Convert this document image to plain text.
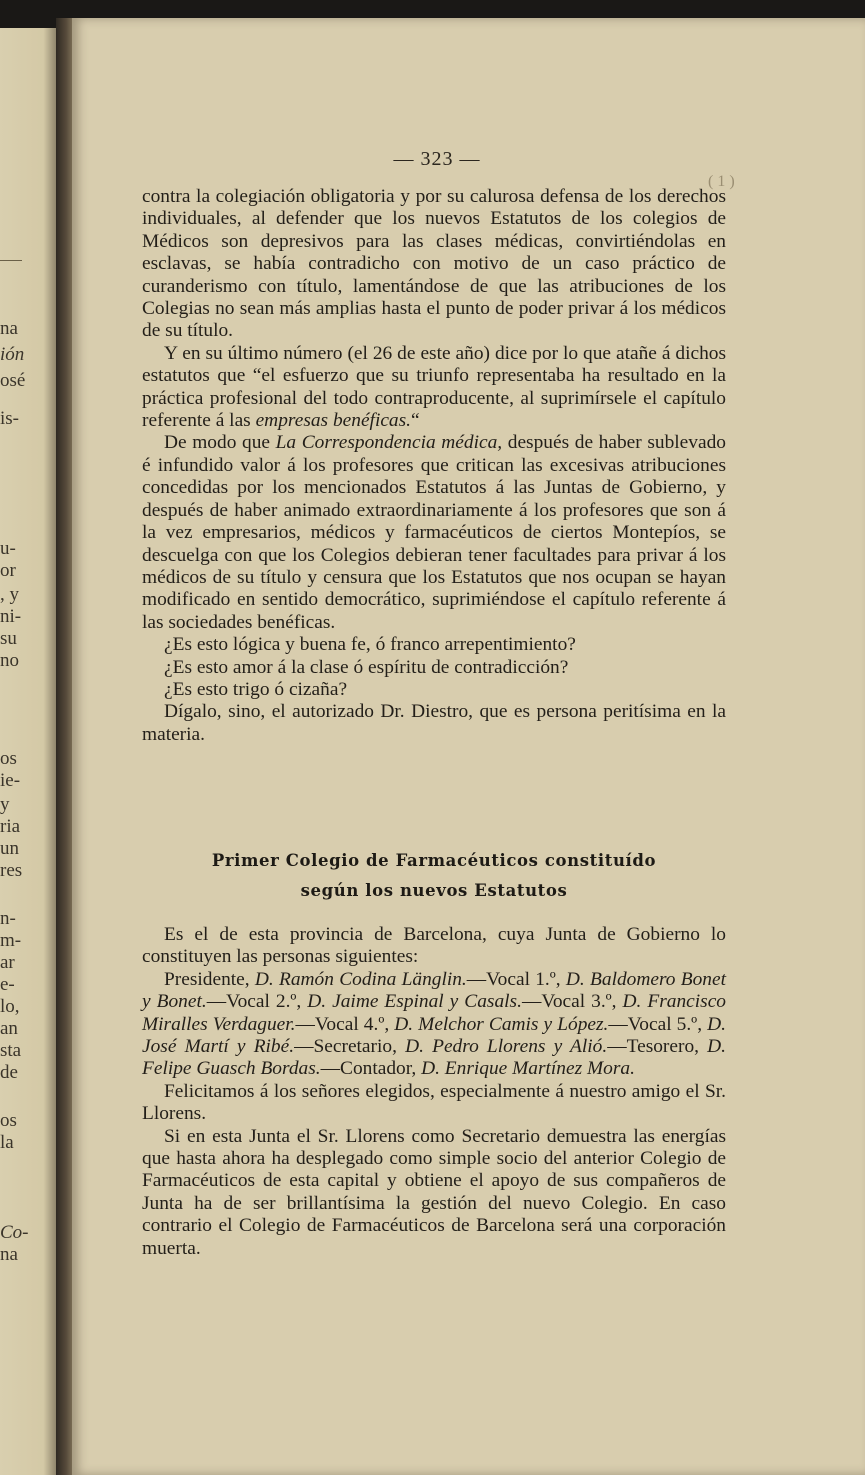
na
ión
osé
is-
u-
or
, y
ni-
su
no
os
ie-
y
ria
un
res
n-
m-
ar
e-
lo,
an
sta
de
os
la
Co-
na
( 1 )
— 323 —

contra la colegiación obligatoria y por su calurosa defensa de los derechos individuales, al defender que los nuevos Estatutos de los colegios de Médicos son depresivos para las clases médicas, convirtiéndolas en esclavas, se había contradicho con motivo de un caso práctico de curanderismo con título, lamentándose de que las atribuciones de los Colegias no sean más amplias hasta el punto de poder privar á los médicos de su título.

Y en su último número (el 26 de este año) dice por lo que atañe á dichos estatutos que “el esfuerzo que su triunfo representaba ha resultado en la práctica profesional del todo contraproducente, al suprimírsele el capítulo referente á las empresas benéficas.“

De modo que La Correspondencia médica, después de haber sublevado é infundido valor á los profesores que critican las excesivas atribuciones concedidas por los mencionados Estatutos á las Juntas de Gobierno, y después de haber animado extraordinariamente á los profesores que son á la vez empresarios, médicos y farmacéuticos de ciertos Montepíos, se descuelga con que los Colegios debieran tener facultades para privar á los médicos de su título y censura que los Estatutos que nos ocupan se hayan modificado en sentido democrático, suprimiéndose el capítulo referente á las sociedades benéficas.

¿Es esto lógica y buena fe, ó franco arrepentimiento?

¿Es esto amor á la clase ó espíritu de contradicción?

¿Es esto trigo ó cizaña?

Dígalo, sino, el autorizado Dr. Diestro, que es persona peritísima en la materia.

Primer Colegio de Farmacéuticos constituído
según los nuevos Estatutos

Es el de esta provincia de Barcelona, cuya Junta de Gobierno lo constituyen las personas siguientes:

Presidente, D. Ramón Codina Länglin.—Vocal 1.º, D. Baldomero Bonet y Bonet.—Vocal 2.º, D. Jaime Espinal y Casals.—Vocal 3.º, D. Francisco Miralles Verdaguer.—Vocal 4.º, D. Melchor Camis y López.—Vocal 5.º, D. José Martí y Ribé.—Secretario, D. Pedro Llorens y Alió.—Tesorero, D. Felipe Guasch Bordas.—Contador, D. Enrique Martínez Mora.

Felicitamos á los señores elegidos, especialmente á nuestro amigo el Sr. Llorens.

Si en esta Junta el Sr. Llorens como Secretario demuestra las energías que hasta ahora ha desplegado como simple socio del anterior Colegio de Farmacéuticos de esta capital y obtiene el apoyo de sus compañeros de Junta ha de ser brillantísima la gestión del nuevo Colegio. En caso contrario el Colegio de Farmacéuticos de Barcelona será una corporación muerta.
